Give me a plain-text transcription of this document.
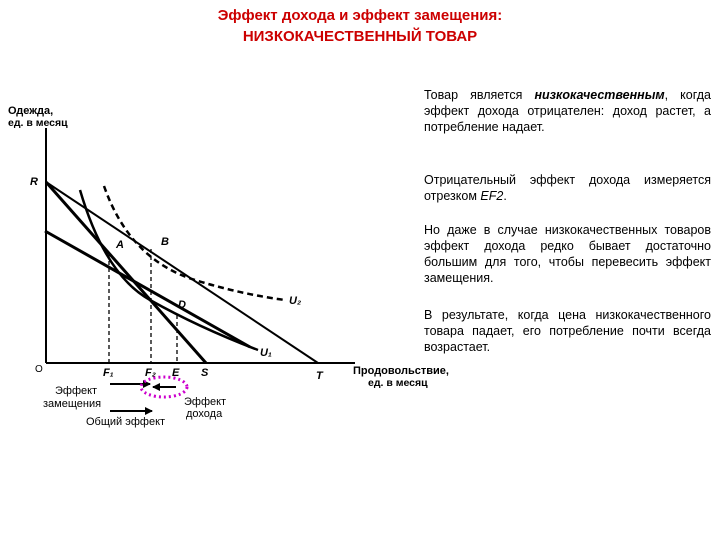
Эффект дохода и эффект замещения:
НИЗКОКАЧЕСТВЕННЫЙ ТОВАР
Одежда,
ед. в месяц
Продовольствие,
ед. в месяц
O
R
A	B
D	U₂
U₁
F₁	F₂ E S	T
Эффект
замещения	Эффект
дохода
Общий эффект
Товар является низкокачественным, когда эффект дохода отрицателен: доход растет, а потребление надает.
Отрицательный эффект дохода измеряется отрезком EF2.
Но даже в случае низкокачественных товаров эффект дохода редко бывает достаточно большим для того, чтобы перевесить эффект замещения.
В результате, когда цена низкокачественного товара падает, его потребление почти всегда возрастает.
